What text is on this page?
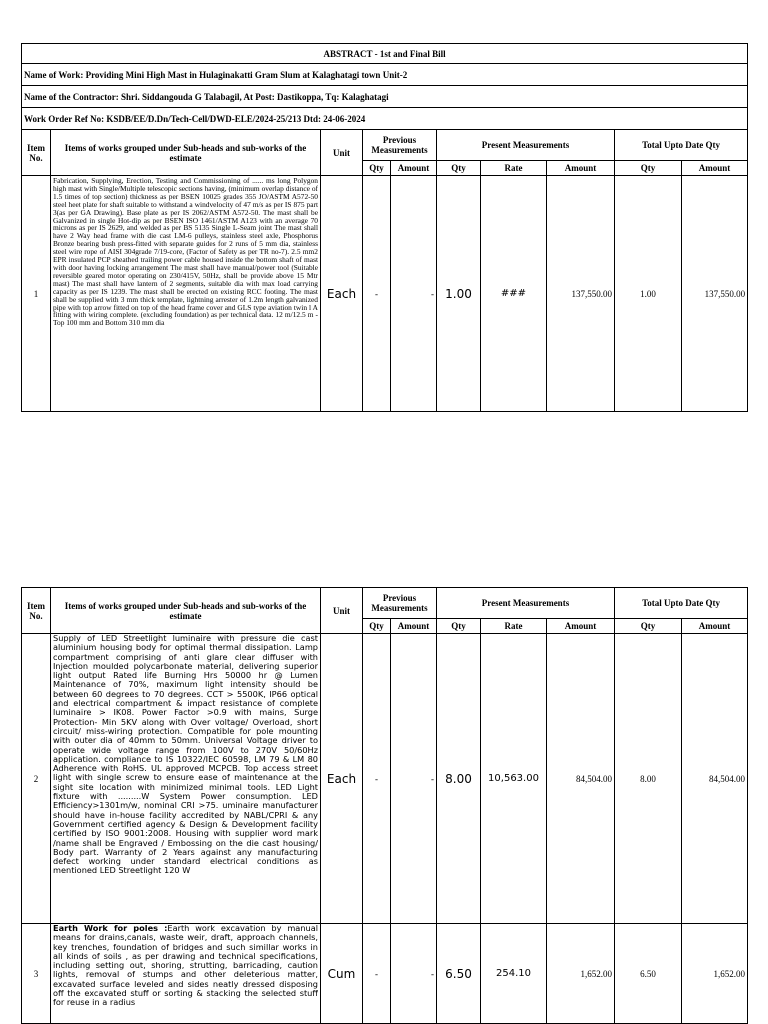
ABSTRACT - 1st and Final Bill									
Name of Work: Providing Mini High Mast in Hulaginakatti Gram Slum at Kalaghatagi town Unit-2									
Name of the Contractor: Shri. Siddangouda G Talabagil, At Post: Dastikoppa, Tq: Kalaghatagi									
Work Order Ref No: KSDB/EE/D.Dn/Tech-Cell/DWD-ELE/2024-25/213 Dtd: 24-06-2024									
Item No.	Items of works grouped under Sub-heads and sub-works of the estimate	Unit	Previous Measurements		Present Measurements			Total Upto Date Qty	
			Qty	Amount	Qty	Rate	Amount	Qty	Amount
1	Fabrication, Supplying, Erection, Testing and Commissioning of ...... ms long Polygon high mast with Single/Multiple telescopic sections having, (minimum overlap distance of 1.5 times of top section) thickness as per BSEN 10025 grades 355 JO/ASTM A572-50 steel heet plate for shaft suitable to withstand a windvelocity of 47 m/s as per IS 875 part 3(as per GA Drawing). Base plate as per IS 2062/ASTM A572-50. The mast shall be Galvanized in single Hot-dip as per BSEN ISO 1461/ASTM A123 with an average 70 microns as per IS 2629, and welded as per BS 5135 Single L-Seam joint The mast shall have 2 Way head frame with die cast LM-6 pulleys, stainless steel axle, Phosphorus Bronze bearing bush press-fitted with separate guides for 2 runs of 5 mm dia, stainless steel wire rope of AISI 304grade 7/19-core, (Factor of Safety as per TR no-7). 2.5 mm2 EPR insulated PCP sheathed trailing power cable housed inside the bottom shaft of mast with door having locking arrangement The mast shall have manual/power tool (Suitable reversible geared motor operating on 230/415V, 50Hz, shall be provide above 15 Mtr mast) The mast shall have lantern of 2 segments, suitable dia with max load carrying capacity as per IS 1239. The mast shall be erected on existing RCC footing. The mast shall be supplied with 3 mm thick template, lightning arrester of 1.2m length galvanized pipe with top arrow fitted on top of the head frame cover and GLS type aviation twin l A fitting with wiring complete. (excluding foundation) as per technical data. 12 m/12.5 m - Top 100 mm and Bottom 310 mm dia	Each	-	-	1.00	###	137,550.00	1.00	137,550.00
Item No.	Items of works grouped under Sub-heads and sub-works of the estimate	Unit	Previous Measurements		Present Measurements			Total Upto Date Qty	
			Qty	Amount	Qty	Rate	Amount	Qty	Amount
2	Supply of LED Streetlight luminaire with pressure die cast aluminium housing body for optimal thermal dissipation. Lamp compartment comprising of anti glare clear diffuser with Injection moulded polycarbonate material, delivering superior light output Rated life Burning Hrs 50000 hr @ Lumen Maintenance of 70%, maximum light intensity should be between 60 degrees to 70 degrees. CCT > 5500K, IP66 optical and electrical compartment & impact resistance of complete luminaire > IK08. Power Factor >0.9 with mains, Surge Protection- Min 5KV along with Over voltage/ Overload, short circuit/ miss-wiring protection. Compatible for pole mounting with outer dia of 40mm to 50mm. Universal Voltage driver to operate wide voltage range from 100V to 270V 50/60Hz application. compliance to IS 10322/IEC 60598, LM 79 & LM 80 Adherence with RoHS. UL approved MCPCB. Top access street light with single screw to ensure ease of maintenance at the sight site location with minimized minimal tools. LED Light fixture with .........W System Power consumption. LED Efficiency>1301m/w, nominal CRI >75. uminaire manufacturer should have in-house facility accredited by NABL/CPRI & any Government certified agency & Design & Development facility certified by ISO 9001:2008. Housing with supplier word mark /name shall be Engraved / Embossing on the die cast housing/ Body part. Warranty of 2 Years against any manufacturing defect working under standard electrical conditions as mentioned LED Streetlight 120 W	Each	-	-	8.00	10,563.00	84,504.00	8.00	84,504.00
3	Earth Work for poles :Earth work excavation by manual means for drains,canals, waste weir, draft, approach channels, key trenches, foundation of bridges and such simillar works in all kinds of soils , as per drawing and technical specifications, including setting out, shoring, strutting, barricading, caution lights, removal of stumps and other deleterious matter, excavated surface leveled and sides neatly dressed disposing off the excavated stuff or sorting & stacking the selected stuff for reuse in a radius	Cum	-	-	6.50	254.10	1,652.00	6.50	1,652.00
